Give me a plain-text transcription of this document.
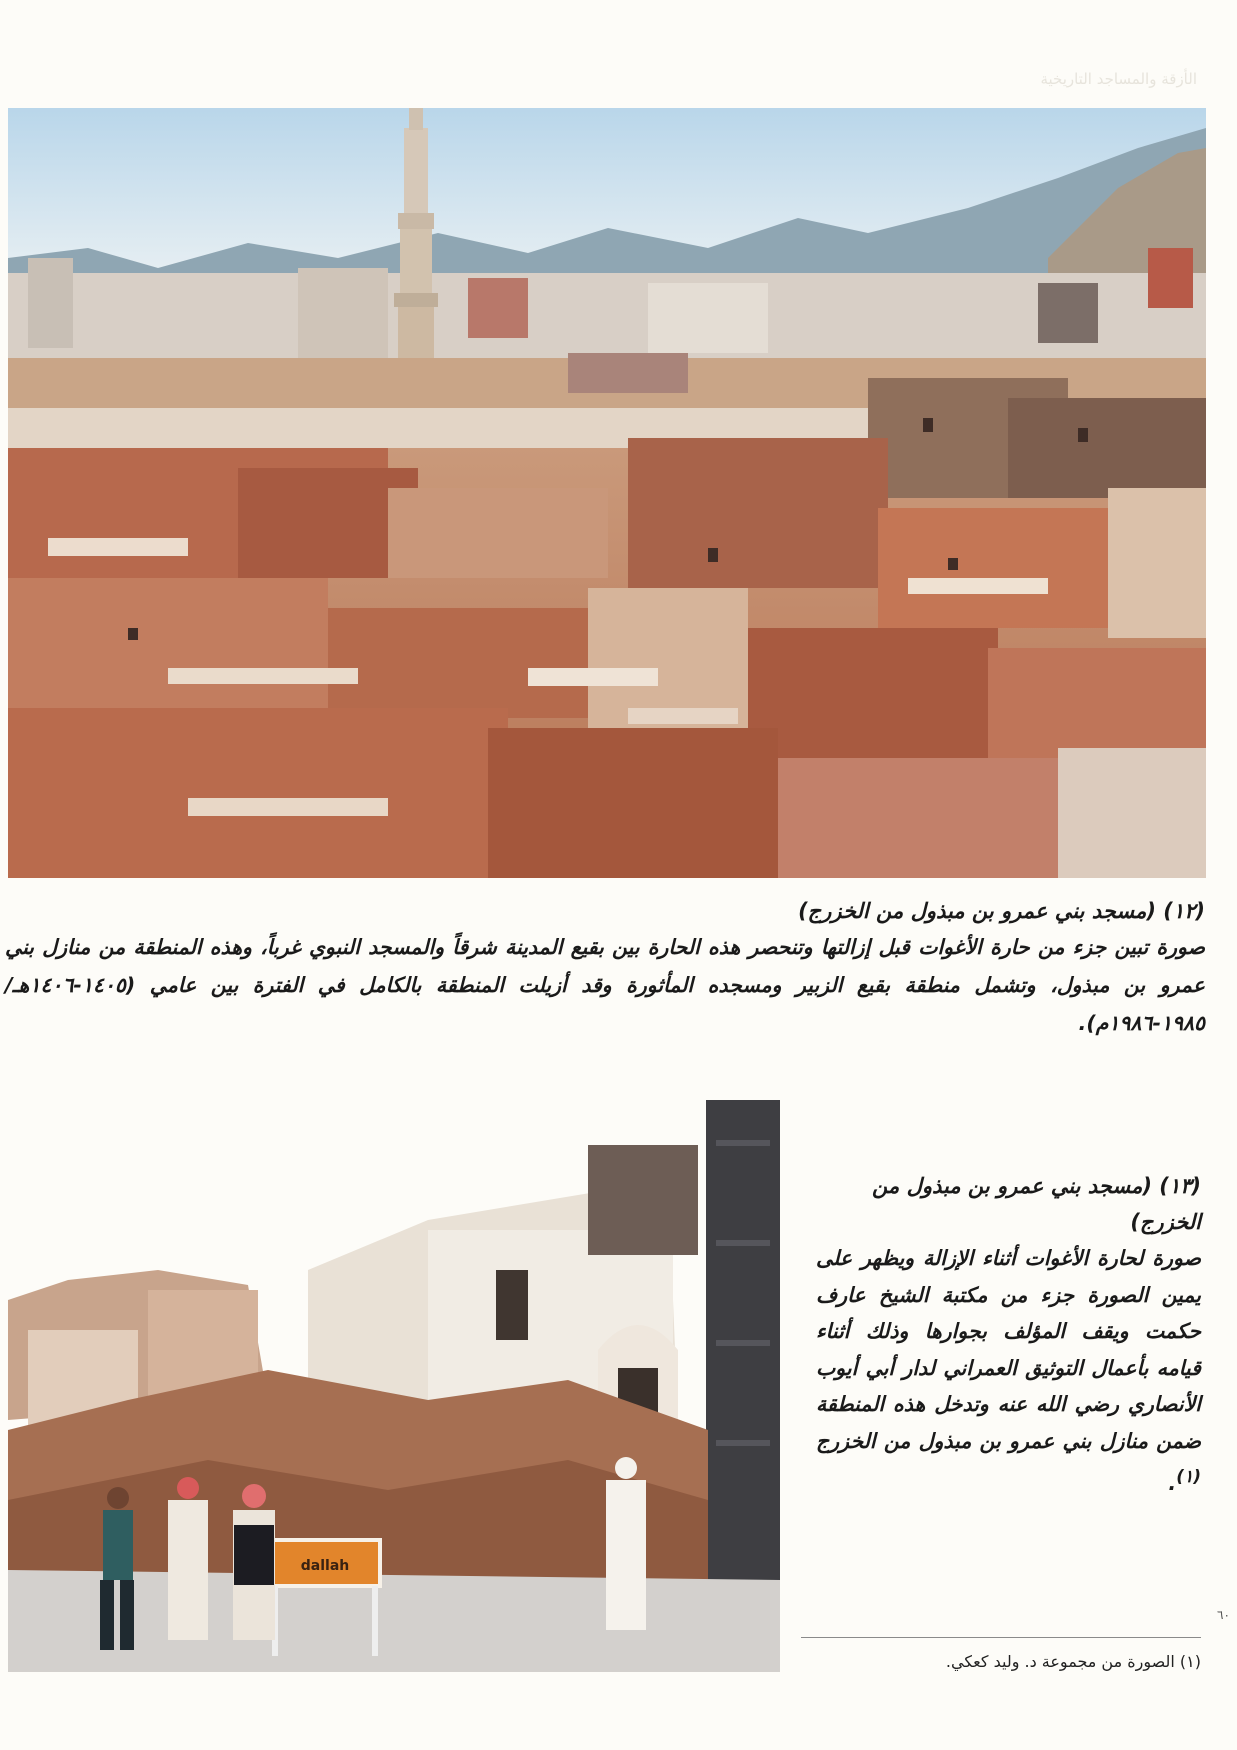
الأزقة والمساجد التاريخية

(١٢) (مسجد بني عمرو بن مبذول من الخزرج)

صورة تبين جزء من حارة الأغوات قبل إزالتها وتنحصر هذه الحارة بين بقيع المدينة شرقاً والمسجد النبوي غرباً، وهذه المنطقة من منازل بني عمرو بن مبذول، وتشمل منطقة بقيع الزبير ومسجده المأثورة وقد أزيلت المنطقة بالكامل في الفترة بين عامي (١٤٠٥-١٤٠٦هـ/١٩٨٥-١٩٨٦م).

dallah

(١٣) (مسجد بني عمرو بن مبذول من الخزرج)

صورة لحارة الأغوات أثناء الإزالة ويظهر على يمين الصورة جزء من مكتبة الشيخ عارف حكمت ويقف المؤلف بجوارها وذلك أثناء قيامه بأعمال التوثيق العمراني لدار أبي أيوب الأنصاري رضي الله عنه وتدخل هذه المنطقة ضمن منازل بني عمرو بن مبذول من الخزرج $^{(١)}$.

٦٠
(١) الصورة من مجموعة د. وليد كعكي.
